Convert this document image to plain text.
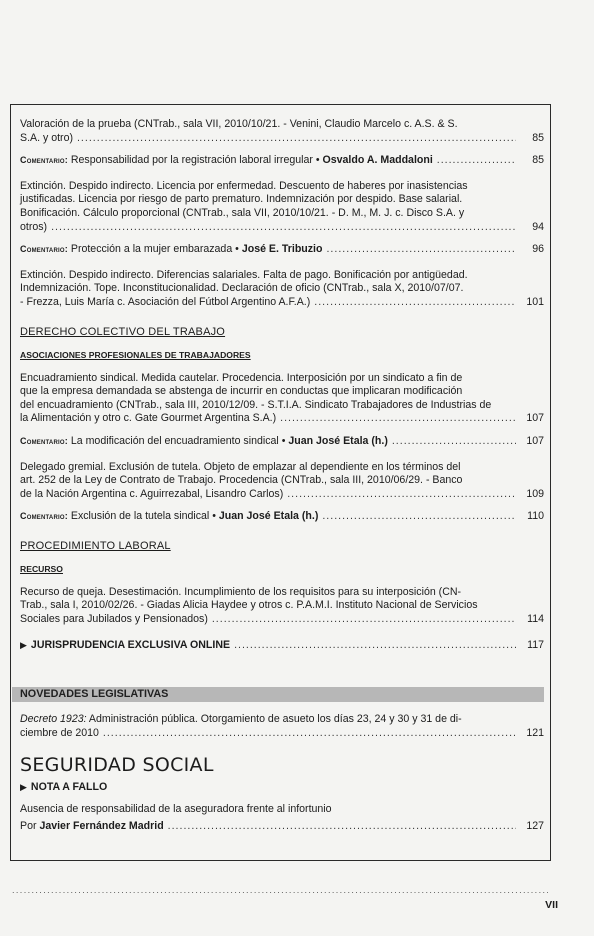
Valoración de la prueba (CNTrab., sala VII, 2010/10/21. - Venini, Claudio Marcelo c. A.S. & S.
S.A. y otro) .....	85
Comentario: Responsabilidad por la registración laboral irregular • Osvaldo A. Maddaloni .....	85
Extinción. Despido indirecto. Licencia por enfermedad. Descuento de haberes por inasistencias
justificadas. Licencia por riesgo de parto prematuro. Indemnización por despido. Base salarial.
Bonificación. Cálculo proporcional (CNTrab., sala VII, 2010/10/21. - D. M., M. J. c. Disco S.A. y
otros) .....	94
Comentario: Protección a la mujer embarazada • José E. Tribuzio .....	96
Extinción. Despido indirecto. Diferencias salariales. Falta de pago. Bonificación por antigüedad.
Indemnización. Tope. Inconstitucionalidad. Declaración de oficio (CNTrab., sala X, 2010/07/07.
- Frezza, Luis María c. Asociación del Fútbol Argentino A.F.A.) .....	101

DERECHO COLECTIVO DEL TRABAJO

ASOCIACIONES PROFESIONALES DE TRABAJADORES

Encuadramiento sindical. Medida cautelar. Procedencia. Interposición por un sindicato a fin de
que la empresa demandada se abstenga de incurrir en conductas que implicaran modificación
del encuadramiento (CNTrab., sala III, 2010/12/09. - S.T.I.A. Sindicato Trabajadores de Industrias de
la Alimentación y otro c. Gate Gourmet Argentina S.A.) .....	107
Comentario: La modificación del encuadramiento sindical • Juan José Etala (h.) .....	107
Delegado gremial. Exclusión de tutela. Objeto de emplazar al dependiente en los términos del
art. 252 de la Ley de Contrato de Trabajo. Procedencia (CNTrab., sala III, 2010/06/29. - Banco
de la Nación Argentina c. Aguirrezabal, Lisandro Carlos) .....	109
Comentario: Exclusión de la tutela sindical • Juan José Etala (h.) .....	110

PROCEDIMIENTO LABORAL

RECURSO

Recurso de queja. Desestimación. Incumplimiento de los requisitos para su interposición (CN-
Trab., sala I, 2010/02/26. - Giadas Alicia Haydee y otros c. P.A.M.I. Instituto Nacional de Servicios
Sociales para Jubilados y Pensionados) .....	114
▶ JURISPRUDENCIA EXCLUSIVA ONLINE .....	117
NOVEDADES LEGISLATIVAS
Decreto 1923: Administración pública. Otorgamiento de asueto los días 23, 24 y 30 y 31 de di-
ciembre de 2010 .....	121

SEGURIDAD SOCIAL

▶ NOTA A FALLO
Ausencia de responsabilidad de la aseguradora frente al infortunio
Por Javier Fernández Madrid .....	127
.....
VII
